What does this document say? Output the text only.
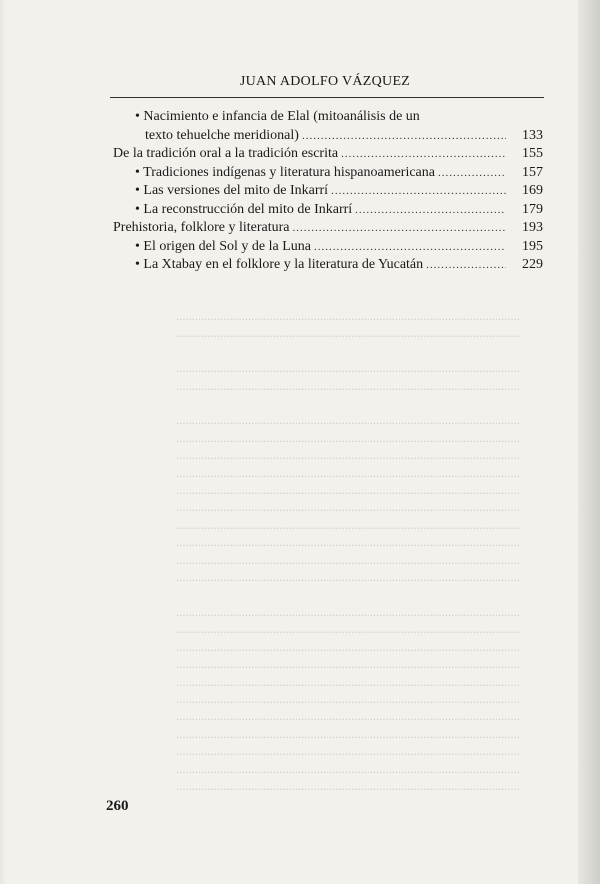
JUAN ADOLFO VÁZQUEZ
• Nacimiento e infancia de Elal (mitoanálisis de un
texto tehuelche meridional) .....	133
De la tradición oral a la tradición escrita .....	155
• Tradiciones indígenas y literatura hispanoamericana .....	157
• Las versiones del mito de Inkarrí .....	169
• La reconstrucción del mito de Inkarrí .....	179
Prehistoria, folklore y literatura .....	193
• El origen del Sol y de la Luna .....	195
• La Xtabay en el folklore y la literatura de Yucatán .....	229

.....

.....

.....

.....

.....

.....

.....

.....

.....

.....

.....

.....

.....

.....

.....

.....

.....

.....

.....

.....

.....

.....

.....

.....

.....
260
